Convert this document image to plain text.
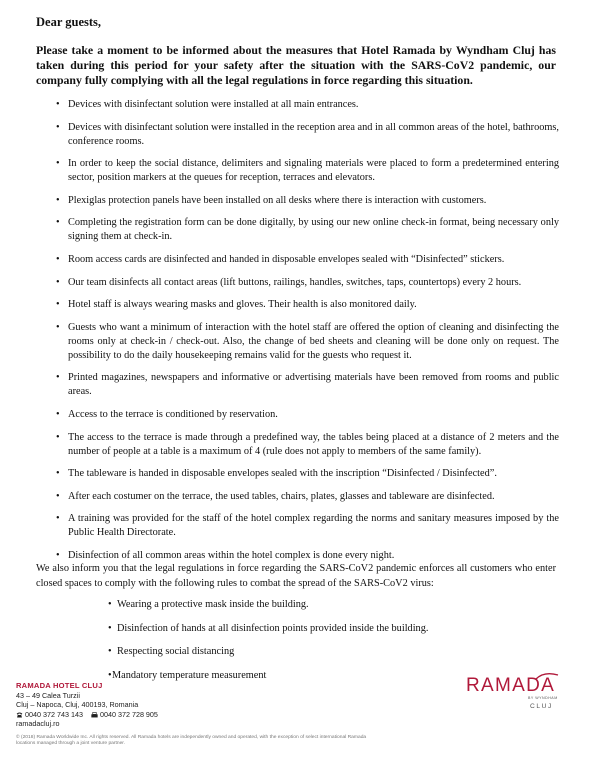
Dear guests,
Please take a moment to be informed about the measures that Hotel Ramada by Wyndham Cluj has taken during this period for your safety after the situation with the SARS-CoV2 pandemic, our company fully complying with all the legal regulations in force regarding this situation.
• Devices with disinfectant solution were installed at all main entrances.
• Devices with disinfectant solution were installed in the reception area and in all common areas of the hotel, bathrooms, conference rooms.
• In order to keep the social distance, delimiters and signaling materials were placed to form a predetermined entering sector, position markers at the queues for reception, terraces and elevators.
• Plexiglas protection panels have been installed on all desks where there is interaction with customers.
• Completing the registration form can be done digitally, by using our new online check-in format, being necessary only signing them at check-in.
• Room access cards are disinfected and handed in disposable envelopes sealed with “Disinfected” stickers.
• Our team disinfects all contact areas (lift buttons, railings, handles, switches, taps, countertops) every 2 hours.
• Hotel staff is always wearing masks and gloves. Their health is also monitored daily.
• Guests who want a minimum of interaction with the hotel staff are offered the option of cleaning and disinfecting the rooms only at check-in / check-out. Also, the change of bed sheets and cleaning will be done only on request. The possibility to do the daily housekeeping remains valid for the guests who request it.
• Printed magazines, newspapers and informative or advertising materials have been removed from rooms and public areas.
• Access to the terrace is conditioned by reservation.
• The access to the terrace is made through a predefined way, the tables being placed at a distance of 2 meters and the number of people at a table is a maximum of 4 (rule does not apply to members of the same family).
• The tableware is handed in disposable envelopes sealed with the inscription “Disinfected / Disinfected”.
• After each costumer on the terrace, the used tables, chairs, plates, glasses and tableware are disinfected.
• A training was provided for the staff of the hotel complex regarding the norms and sanitary measures imposed by the Public Health Directorate.
• Disinfection of all common areas within the hotel complex is done every night.
We also inform you that the legal regulations in force regarding the SARS-CoV2 pandemic enforces all customers who enter closed spaces to comply with the following rules to combat the spread of the SARS-CoV2 virus:
• Wearing a protective mask inside the building.
• Disinfection of hands at all disinfection points provided inside the building.
• Respecting social distancing
• Mandatory temperature measurement
RAMADA HOTEL CLUJ
43 – 49 Calea Turzii
Cluj – Napoca, Cluj, 400193, Romania
0040 372 743 143 0040 372 728 905
ramadacluj.ro
© (2018) Ramada Worldwide Inc. All rights reserved. All Ramada hotels are independently owned and operated, with the exception of select international Ramada locations managed through a joint venture partner.
RAMADA
BY WYNDHAM
CLUJ
